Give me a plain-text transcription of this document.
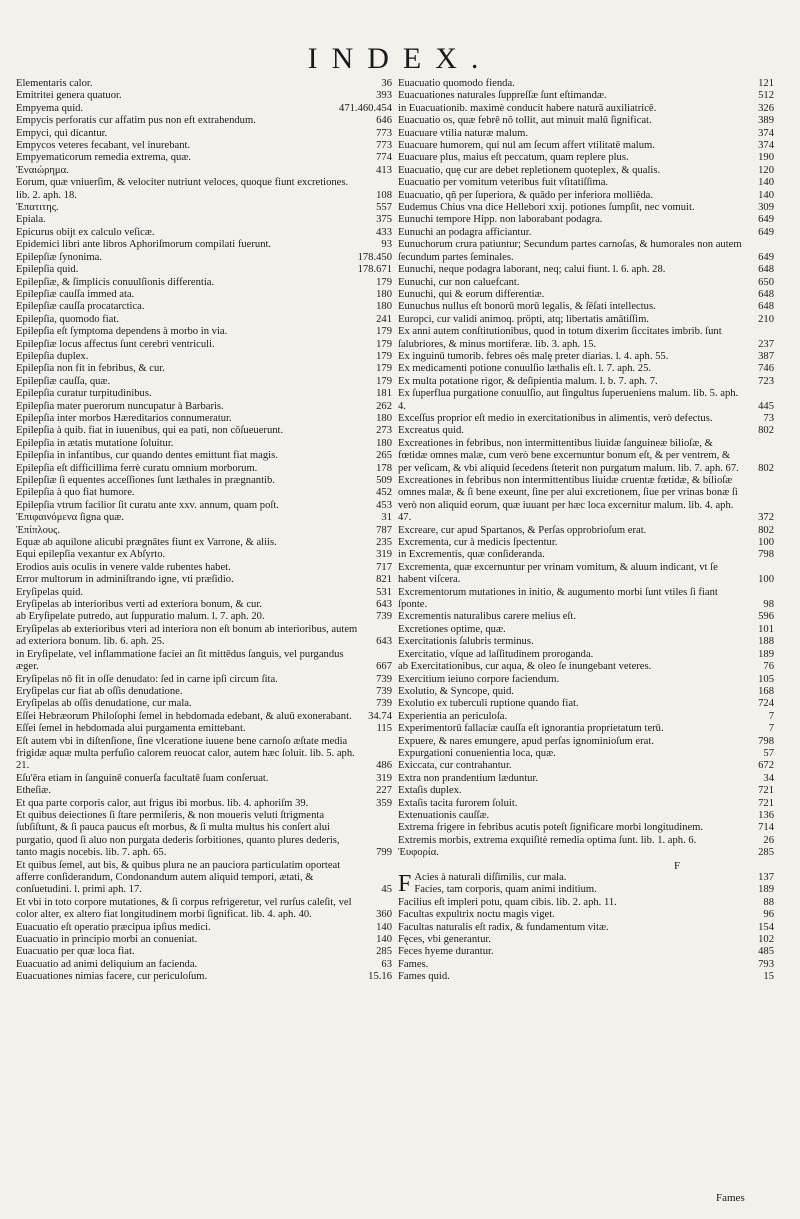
INDEX.
Elementaris calor.	36
Emitritei genera quatuor.	393
Empyema quid.	471.460.454
Empycis perforatis cur affatim pus non eft extrahendum.	646
Empyci, qui dicantur.	773
Empycos veteres fecabant, vel inurebant.	773
Empyematicorum remedia extrema, quæ.	774
Ἐναιώρημα.	413
Eorum, quæ vniuerſim, & velociter nutriunt veloces, quoque fiunt excretiones. lib. 2. aph. 18.	108
Ἐπατιτης.	557
Epiala.	375
Epicurus obijt ex calculo veſicæ.	433
Epidemici libri ante libros Aphoriſmorum compilati fuerunt.	93
Epilepſiæ ſynonima.	178.450
Epilepſia quid.	178.671
Epilepſiæ, & ſimplicis conuulſionis differentia.	179
Epilepſiæ cauſſa immed ata.	180
Epilepſiæ cauſſa procatarctica.	180
Epilepſia, quomodo fiat.	241
Epilepſia eſt ſymptoma dependens à morbo in via.	179
Epilepſiæ locus affectus ſunt cerebri ventriculi.	179
Epilepſia duplex.	179
Epilepſia non fit in febribus, & cur.	179
Epilepſiæ cauſſa, quæ.	179
Epilepſia curatur turpitudinibus.	181
Epilepſia mater puerorum nuncupatur à Barbaris.	262
Epilepſia inter morbos Hæreditarios connumeratur.	180
Epilepſia à quib. fiat in iuuenibus, qui ea pati, non cōſueuerunt.	273
Epilepſia in ætatis mutatione ſoluitur.	180
Epilepſia in infantibus, cur quando dentes emittunt fiat magis.	265
Epilepſia eſt difficillima ferrè curatu omnium morborum.	178
Epilepſiæ ſi equentes acceſſiones ſunt læthales in prægnantib.	509
Epilepſia à quo fiat humore.	452
Epilepſia vtrum facilior ſit curatu ante xxv. annum, quam poſt.	453
Ἐπιφαινόμενα ſigna quæ.	31
Ἐπίπλους.	787
Equæ ab aquilone alicubi prægnātes fiunt ex Varrone, & aliis.	235
Equi epilepſia vexantur ex Abſyrto.	319
Erodios auis oculis in venere valde rubentes habet.	717
Error multorum in adminiſtrando igne, vti præſidio.	821
Eryſipelas quid.	531
Eryſipelas ab interioribus verti ad exteriora bonum, & cur.	643
ab Eryſipelate putredo, aut ſuppuratio malum. l. 7. aph. 20.	739
Eryſipelas ab exterioribus vteri ad interiora non eſt bonum ab interioribus, autem ad exteriora bonum. lib. 6. aph. 25.	643
in Eryſipelate, vel inflammatione faciei an ſit mittēdus ſanguis, vel purgandus æger.	667
Eryſipelas nō fit in oſſe denudato: ſed in carne ipſi circum ſita.	739
Eryſipelas cur fiat ab oſſis denudatione.	739
Eryſipelas ab oſſis denudatione, cur mala.	739
Eſſei Hebræorum Philoſophi ſemel in hebdomada edebant, & aluū exonerabant.	34.74
Eſſei ſemel in hebdomada alui purgamenta emittebant.	115
Eſt autem vbi in diſtenſione, ſine vlceratione iuuene bene carnoſo æſtate media frigidæ aquæ multa perfuſio calorem reuocat calor, autem hæc ſoluit. lib. 5. aph. 21.	486
Eſu'ēra etiam in ſanguinē conuerſa facultatē ſuam conſeruat.	319
Etheſiæ.	227
Et qua parte corporis calor, aut frigus ibi morbus. lib. 4. aphoriſm 39.	359
Et quibus deiectiones ſi ſtare permiſeris, & non moueris veluti ſtrigmenta ſubſiſtunt, & ſi pauca paucus eſt morbus, & ſi multa multus his conſert alui purgatio, quod ſi aluo non purgata dederis ſorbitiones, quanto plures dederis, tanto magis nocebis. lib. 7. aph. 65.	799
Et quibus ſemel, aut bis, & quibus plura ne an pauciora particulatim oporteat afferre conſiderandum, Condonandum autem aliquid tempori, ætati, & conſuetudini. l. primi aph. 17.	45
Et vbi in toto corpore mutationes, & ſi corpus refrigeretur, vel rurſus caleſit, vel color alter, ex altero fiat longitudinem morbi ſignificat. lib. 4. aph. 40.	360
Euacuatio eſt operatio præcipua ipſius medici.	140
Euacuatio in principio morbi an conueniat.	140
Euacuatio per quæ loca fiat.	285
Euacuatio ad animi deliquium an facienda.	63
Euacuationes nimias facere, cur periculoſum.	15.16
Euacuatio quomodo fienda.	121
Euacuationes naturales ſuppreſſæ ſunt eſtimandæ.	512
in Euacuationib. maximè conducit habere naturā auxiliatricē.	326
Euacuatio os, quæ febrē nō tollit, aut minuit malū ſignificat.	389
Euacuare vtilia naturæ malum.	374
Euacuare humorem, qui nul am ſecum affert vtilitatē malum.	374
Euacuare plus, maius eſt peccatum, quam replere plus.	190
Euacuatio, quę cur are debet repletionem quoteplex, & qualis.	120
Euacuatio per vomitum veteribus fuit vſitatiſſima.	140
Euacuatio, qñ per ſuperiora, & quādo per inferiora molliēda.	140
Eudemus Chius vna dice Hellebori xxij. potiones ſumpſit, nec vomuit.	309
Eunuchi tempore Hipp. non laborabant podagra.	649
Eunuchi an podagra afficiantur.	649
Eunuchorum crura patiuntur; Secundum partes carnoſas, & humorales non autem ſecundum partes ſeminales.	649
Eunuchi, neque podagra laborant, neq; calui fiunt. l. 6. aph. 28.	648
Eunuchi, cur non caluefcant.	650
Eunuchi, qui & eorum differentiæ.	648
Eunuchus nullus eſt bonorū morū legalis, & ſēſati intellectus.	648
Europci, cur validi animoq. pröpti, atq; libertatis amātiſſim.	210
Ex anni autem conſtitutionibus, quod in totum dixerim ſiccitates imbrib. ſunt ſalubriores, & minus mortiferæ. lib. 3. aph. 15.	237
Ex inguinū tumorib. febres oēs malę preter diarias. l. 4. aph. 55.	387
Ex medicamenti potione conuulſio læthalis eſt. l. 7. aph. 25.	746
Ex multa potatione rigor, & deſipientia malum. l. b. 7. aph. 7.	723
Ex ſuperflua purgatione conuulſio, aut ſingultus ſuperueniens malum. lib. 5. aph. 4.	445
Exceſſus proprior eſt medio in exercitationibus in alimentis, verò defectus.	73
Excreatus quid.	802
Excreationes in febribus, non intermittentibus liuidæ ſanguineæ bilioſæ, & fœtidæ omnes malæ, cum verò bene excernuntur bonum eſt, & per ventrem, & per veſicam, & vbi aliquid ſecedens ſteterit non purgatum malum. lib. 7. aph. 67.	802
Excreationes in febribus non intermittentibus liuidæ cruentæ fœtidæ, & bilioſæ omnes malæ, & ſi bene exeunt, ſine per alui excretionem, ſiue per vrinas bonæ ſi verò non aliquid eorum, quæ iuuant per hæc loca excernitur malum. lib. 4. aph. 47.	372
Excreare, cur apud Spartanos, & Perſas opprobrioſum erat.	802
Excrementa, cur à medicis ſpectentur.	100
in Excrementis, quæ conſideranda.	798
Excrementa, quæ excernuntur per vrinam vomitum, & aluum indicant, vt ſe habent viſcera.	100
Excrementorum mutationes in initio, & augumento morbi ſunt vtiles ſi fiant ſponte.	98
Excrementis naturalibus carere melius eſt.	596
Excretiones optime, quæ.	101
Exercitationis ſalubris terminus.	188
Exercitatio, vſque ad laſſitudinem proroganda.	189
ab Exercitationibus, cur aqua, & oleo ſe inungebant veteres.	76
Exercitium ieiuno corpore faciendum.	105
Exolutio, & Syncope, quid.	168
Exolutio ex tuberculi ruptione quando fiat.	724
Experientia an periculoſa.	7
Experimentorū fallaciæ cauſſa eſt ignorantia proprietatum terū.	7
Expuere, & nares emungere, apud perſas ignominioſum erat.	798
Expurgationi conuenientia loca, quæ.	57
Exiccata, cur contrahantur.	672
Extra non prandentium læduntur.	34
Extaſis duplex.	721
Extaſis tacita furorem ſoluit.	721
Extenuationis cauſſæ.	136
Extrema frigere in febribus acutis poteſt ſignificare morbi longitudinem.	714
Extremis morbis, extrema exquiſitè remedia optima ſunt. lib. 1. aph. 6.	26
Ἐυφορία.	285
F
FAcies à naturali diſſimilis, cur mala.	137
Facies, tam corporis, quam animi inditium.	189
Facilius eſt impleri potu, quam cibis. lib. 2. aph. 11.	88
Facultas expultrix noctu magis viget.	96
Facultas naturalis eſt radix, & fundamentum vitæ.	154
Fęces, vbi generantur.	102
Feces hyeme durantur.	485
Fames.	793
Fames quid.	15
Fames
